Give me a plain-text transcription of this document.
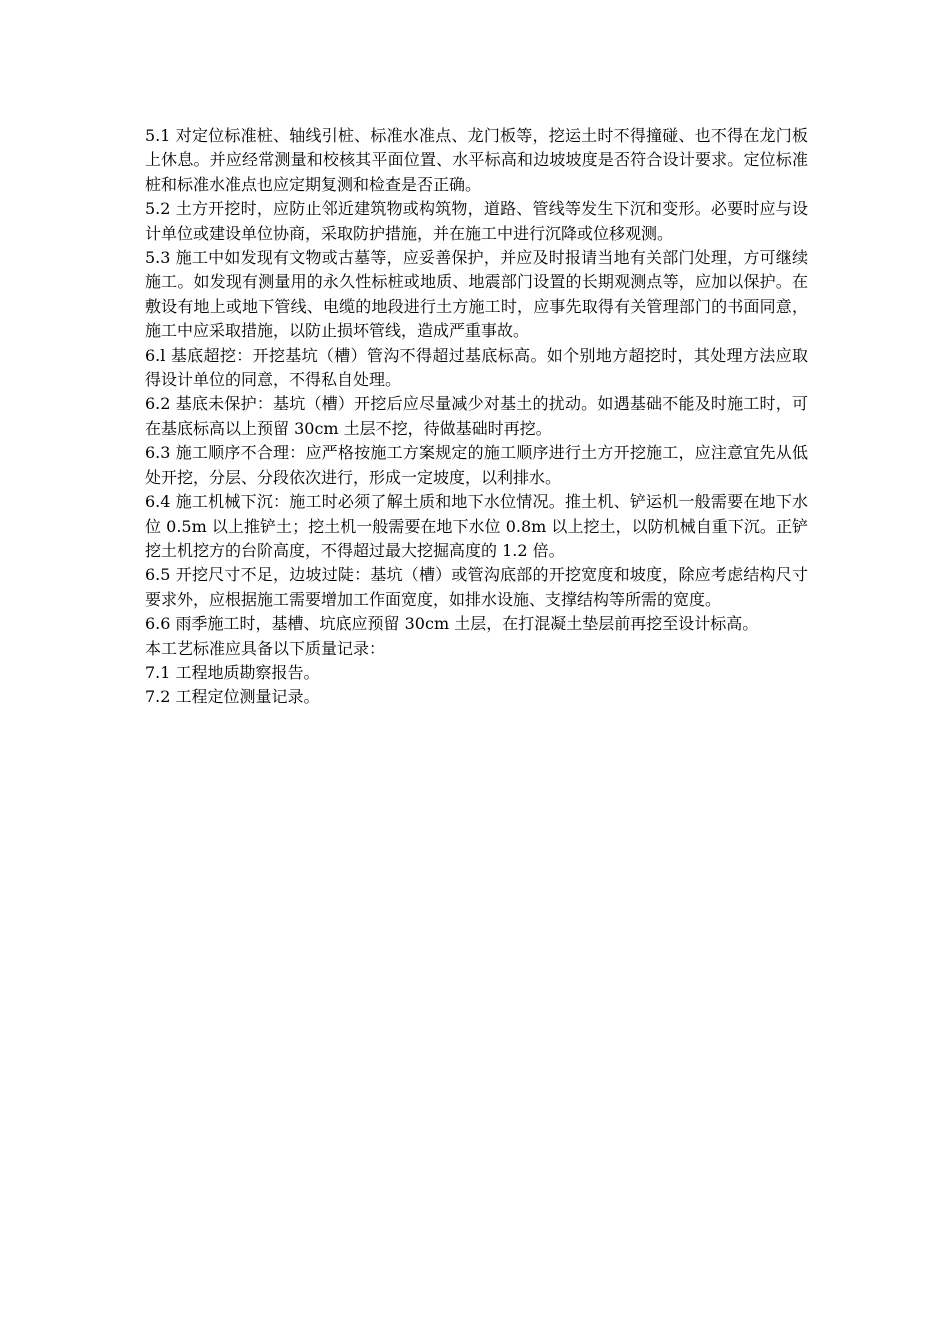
5.1 对定位标准桩、轴线引桩、标准水准点、龙门板等，挖运土时不得撞碰、也不得在龙门板上休息。并应经常测量和校核其平面位置、水平标高和边坡坡度是否符合设计要求。定位标准桩和标准水准点也应定期复测和检查是否正确。

5.2 土方开挖时，应防止邻近建筑物或构筑物，道路、管线等发生下沉和变形。必要时应与设计单位或建设单位协商，采取防护措施，并在施工中进行沉降或位移观测。

5.3 施工中如发现有文物或古墓等，应妥善保护，并应及时报请当地有关部门处理，方可继续施工。如发现有测量用的永久性标桩或地质、地震部门设置的长期观测点等，应加以保护。在敷设有地上或地下管线、电缆的地段进行土方施工时，应事先取得有关管理部门的书面同意，施工中应采取措施，以防止损坏管线，造成严重事故。

6.l 基底超挖：开挖基坑（槽）管沟不得超过基底标高。如个别地方超挖时，其处理方法应取得设计单位的同意，不得私自处理。

6.2 基底未保护：基坑（槽）开挖后应尽量减少对基土的扰动。如遇基础不能及时施工时，可在基底标高以上预留 30cm 土层不挖，待做基础时再挖。

6.3 施工顺序不合理：应严格按施工方案规定的施工顺序进行土方开挖施工，应注意宜先从低处开挖，分层、分段依次进行，形成一定坡度，以利排水。

6.4 施工机械下沉：施工时必须了解土质和地下水位情况。推土机、铲运机一般需要在地下水位 0.5m 以上推铲土；挖土机一般需要在地下水位 0.8m 以上挖土，以防机械自重下沉。正铲挖土机挖方的台阶高度，不得超过最大挖掘高度的 1.2 倍。

6.5 开挖尺寸不足，边坡过陡：基坑（槽）或管沟底部的开挖宽度和坡度，除应考虑结构尺寸要求外，应根据施工需要增加工作面宽度，如排水设施、支撑结构等所需的宽度。

6.6 雨季施工时，基槽、坑底应预留 30cm 土层，在打混凝土垫层前再挖至设计标高。

本工艺标准应具备以下质量记录：

7.1 工程地质勘察报告。

7.2 工程定位测量记录。
